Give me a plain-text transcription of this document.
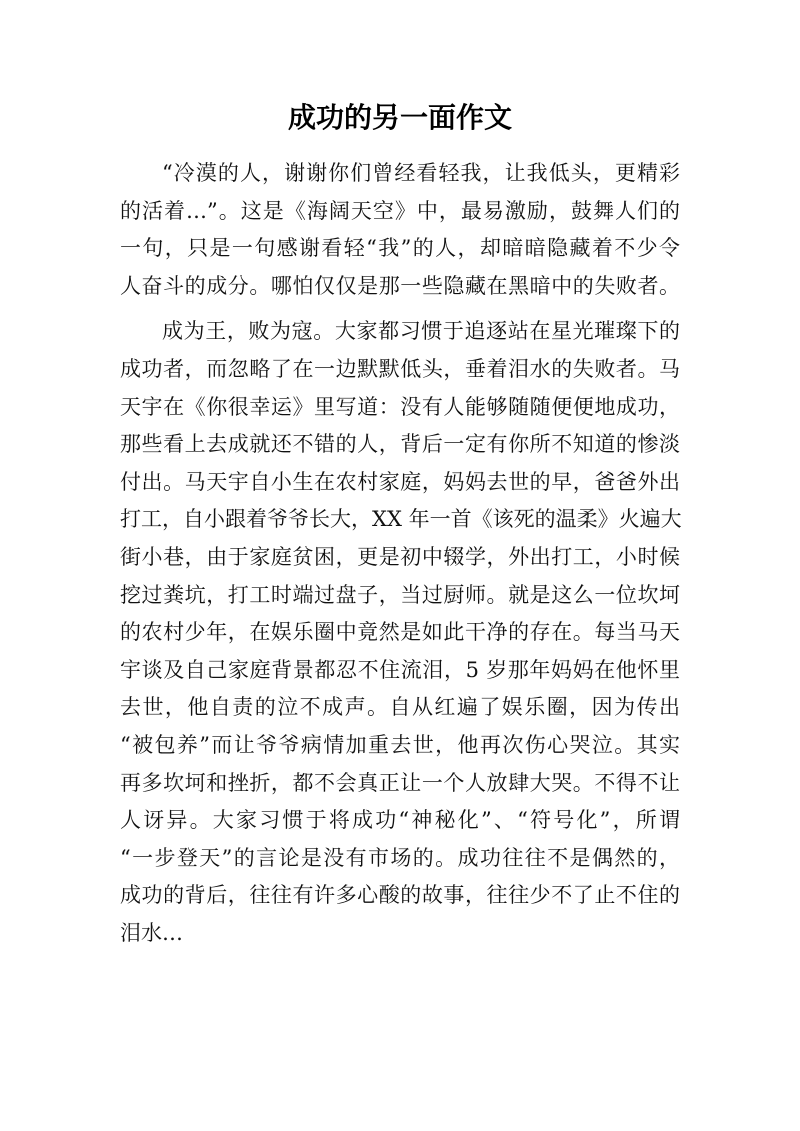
成功的另一面作文
“冷漠的人，谢谢你们曾经看轻我，让我低头，更精彩
的活着…”。这是《海阔天空》中，最易激励，鼓舞人们的
一句，只是一句感谢看轻“我”的人，却暗暗隐藏着不少令
人奋斗的成分。哪怕仅仅是那一些隐藏在黑暗中的失败者。
成为王，败为寇。大家都习惯于追逐站在星光璀璨下的
成功者，而忽略了在一边默默低头，垂着泪水的失败者。马
天宇在《你很幸运》里写道：没有人能够随随便便地成功，
那些看上去成就还不错的人，背后一定有你所不知道的惨淡
付出。马天宇自小生在农村家庭，妈妈去世的早，爸爸外出
打工，自小跟着爷爷长大，XX 年一首《该死的温柔》火遍大
街小巷，由于家庭贫困，更是初中辍学，外出打工，小时候
挖过粪坑，打工时端过盘子，当过厨师。就是这么一位坎坷
的农村少年，在娱乐圈中竟然是如此干净的存在。每当马天
宇谈及自己家庭背景都忍不住流泪，5 岁那年妈妈在他怀里
去世，他自责的泣不成声。自从红遍了娱乐圈，因为传出
“被包养”而让爷爷病情加重去世，他再次伤心哭泣。其实
再多坎坷和挫折，都不会真正让一个人放肆大哭。不得不让
人讶异。大家习惯于将成功“神秘化”、“符号化”，所谓
“一步登天”的言论是没有市场的。成功往往不是偶然的，
成功的背后，往往有许多心酸的故事，往往少不了止不住的
泪水…
